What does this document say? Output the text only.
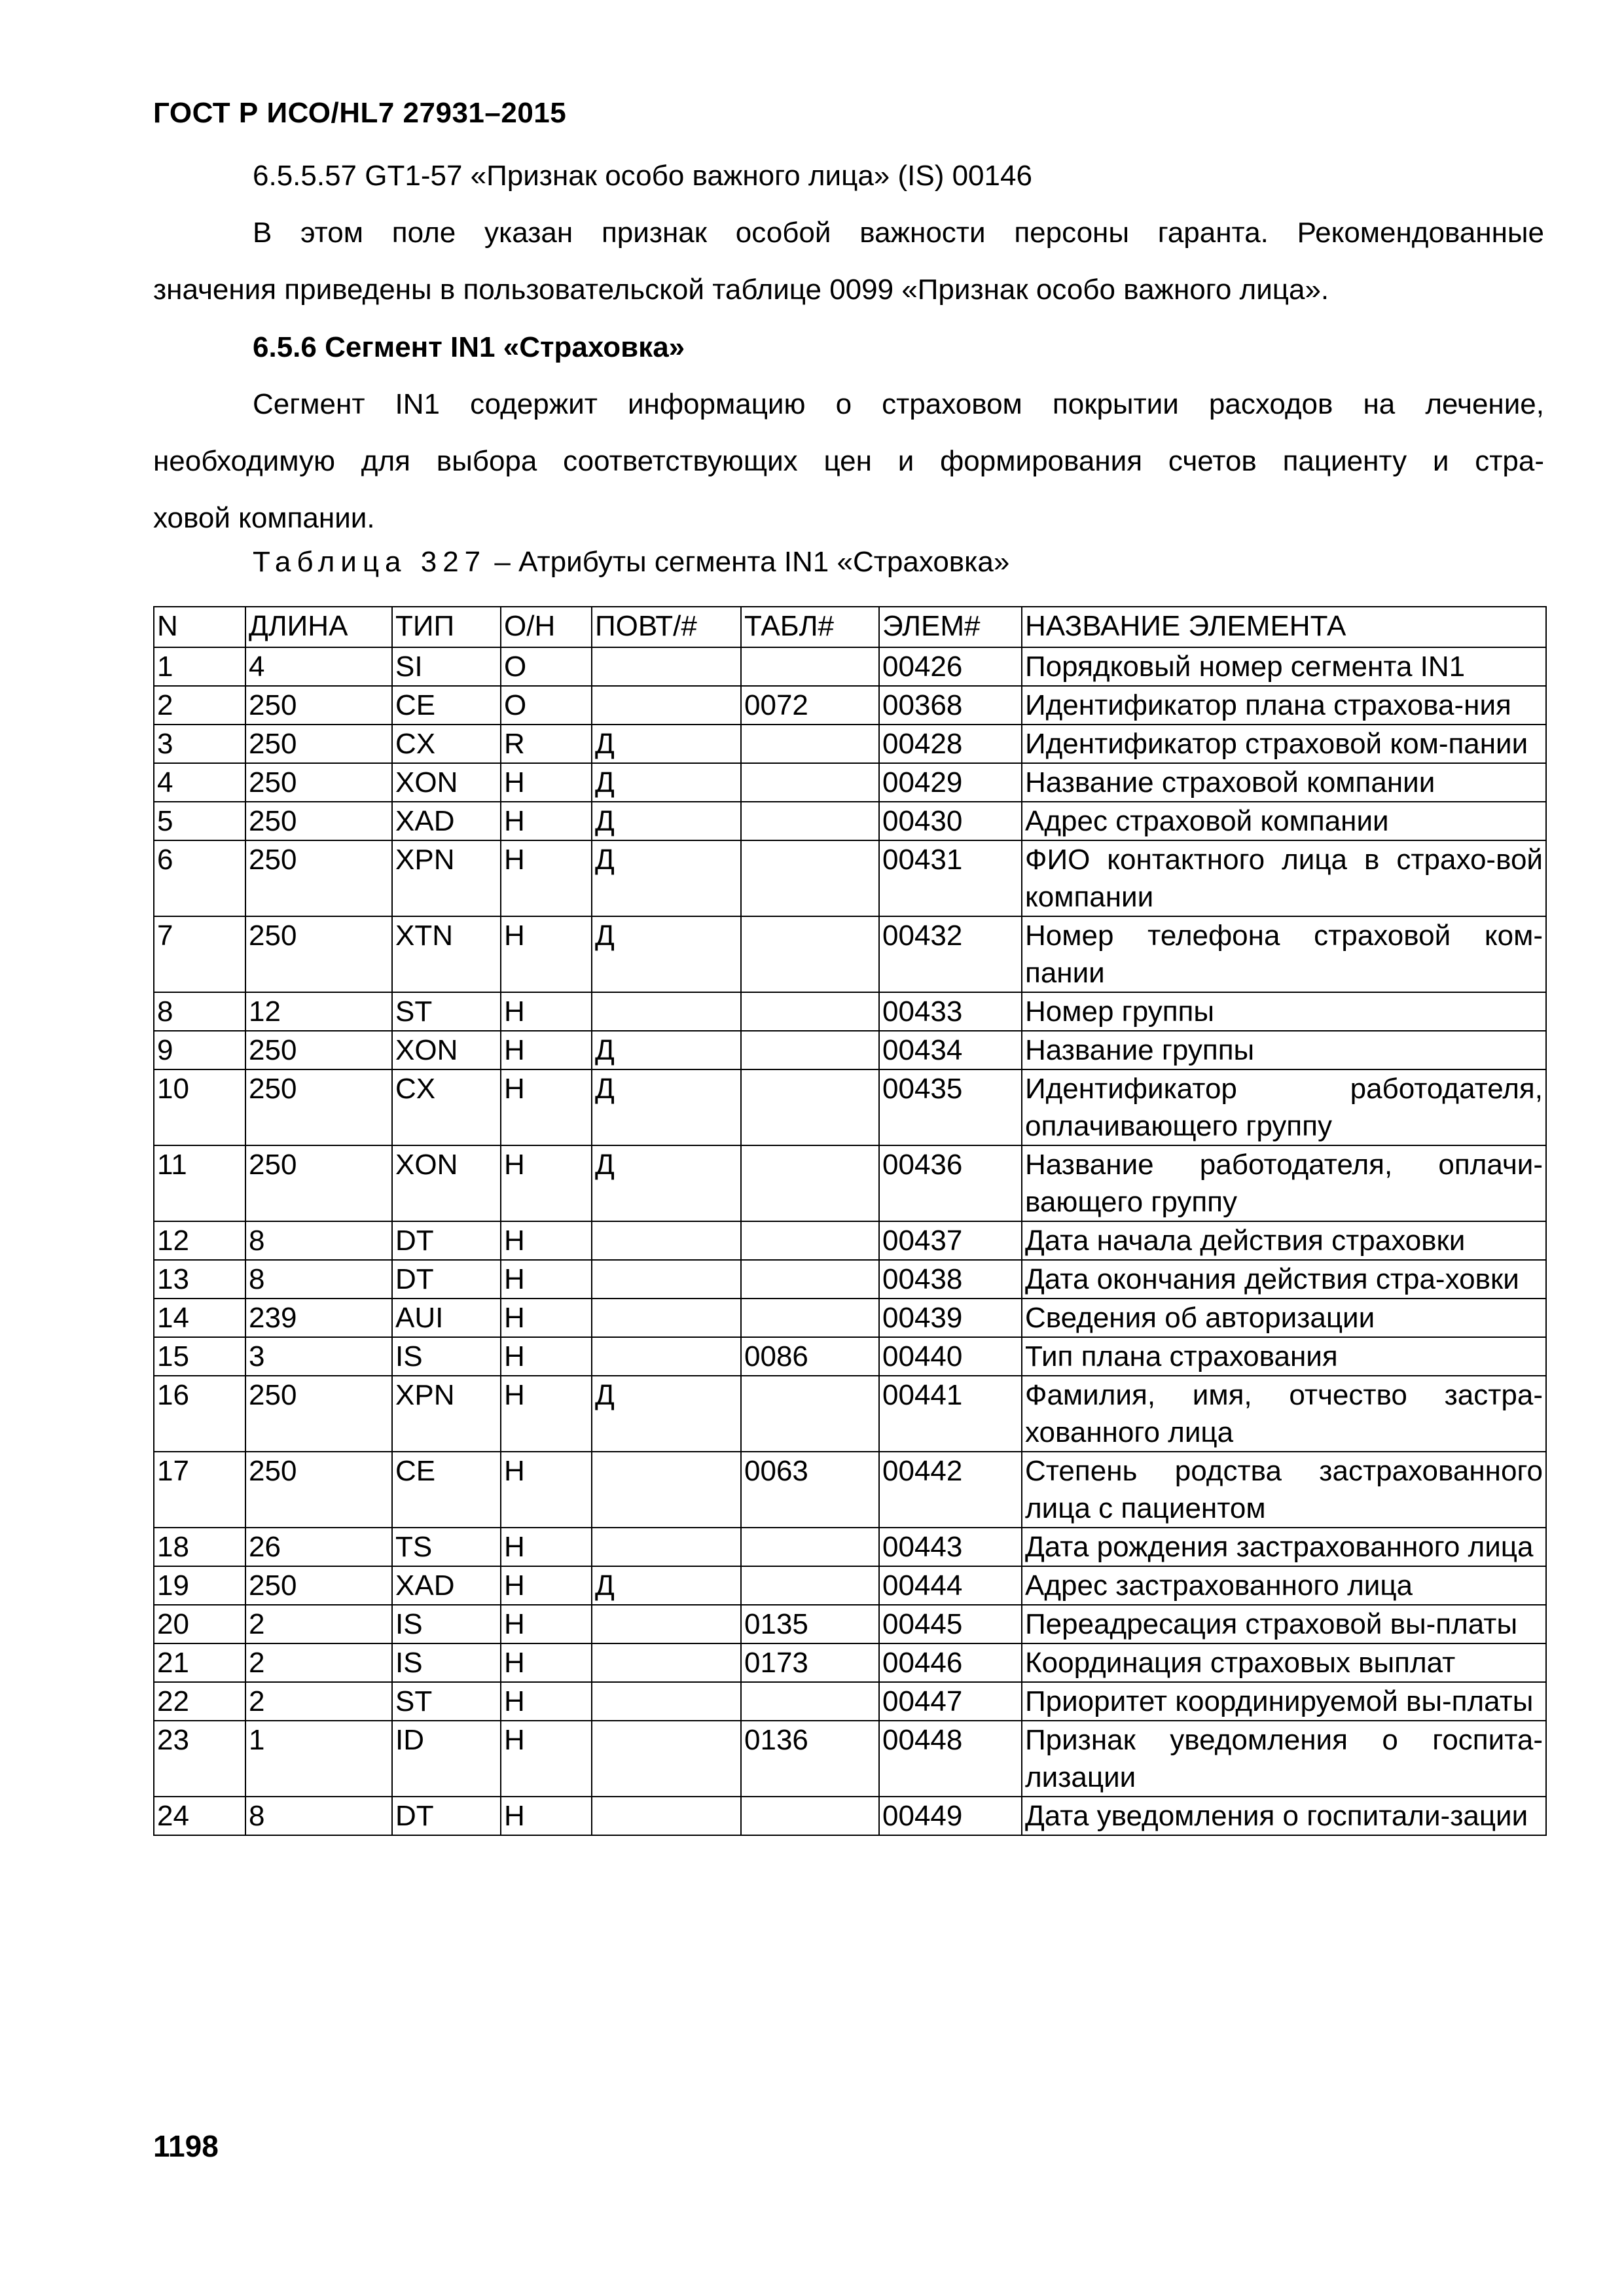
ГОСТ Р ИСО/HL7 27931–2015
6.5.5.57 GT1-57 «Признак особо важного лица» (IS) 00146
В этом поле указан признак особой важности персоны гаранта. Рекомендованные
значения приведены в пользовательской таблице 0099 «Признак особо важного лица».
6.5.6 Сегмент IN1 «Страховка»
Сегмент IN1 содержит информацию о страховом покрытии расходов на лечение,
необходимую для выбора соответствующих цен и формирования счетов пациенту и стра-
ховой компании.
Таблица 327 – Атрибуты сегмента IN1 «Страховка»
N	ДЛИНА	ТИП	О/Н	ПОВТ/#	ТАБЛ#	ЭЛЕМ#	НАЗВАНИЕ ЭЛЕМЕНТА
1	4	SI	О			00426	Порядковый номер сегмента IN1
2	250	CE	О		0072	00368	Идентификатор плана страхова-ния
3	250	CX	R	Д		00428	Идентификатор страховой ком-пании
4	250	XON	Н	Д		00429	Название страховой компании
5	250	XAD	Н	Д		00430	Адрес страховой компании
6	250	XPN	Н	Д		00431	ФИО контактного лица в страхо-вой компании
7	250	XTN	Н	Д		00432	Номер телефона страховой ком-пании
8	12	ST	Н			00433	Номер группы
9	250	XON	Н	Д		00434	Название группы
10	250	CX	Н	Д		00435	Идентификатор работодателя, оплачивающего группу
11	250	XON	Н	Д		00436	Название работодателя, оплачи-вающего группу
12	8	DT	Н			00437	Дата начала действия страховки
13	8	DT	Н			00438	Дата окончания действия стра-ховки
14	239	AUI	Н			00439	Сведения об авторизации
15	3	IS	Н		0086	00440	Тип плана страхования
16	250	XPN	Н	Д		00441	Фамилия, имя, отчество застра-хованного лица
17	250	CE	Н		0063	00442	Степень родства застрахованного лица с пациентом
18	26	TS	Н			00443	Дата рождения застрахованного лица
19	250	XAD	Н	Д		00444	Адрес застрахованного лица
20	2	IS	Н		0135	00445	Переадресация страховой вы-платы
21	2	IS	Н		0173	00446	Координация страховых выплат
22	2	ST	Н			00447	Приоритет координируемой вы-платы
23	1	ID	Н		0136	00448	Признак уведомления о госпита-лизации
24	8	DT	Н			00449	Дата уведомления о госпитали-зации
1198
